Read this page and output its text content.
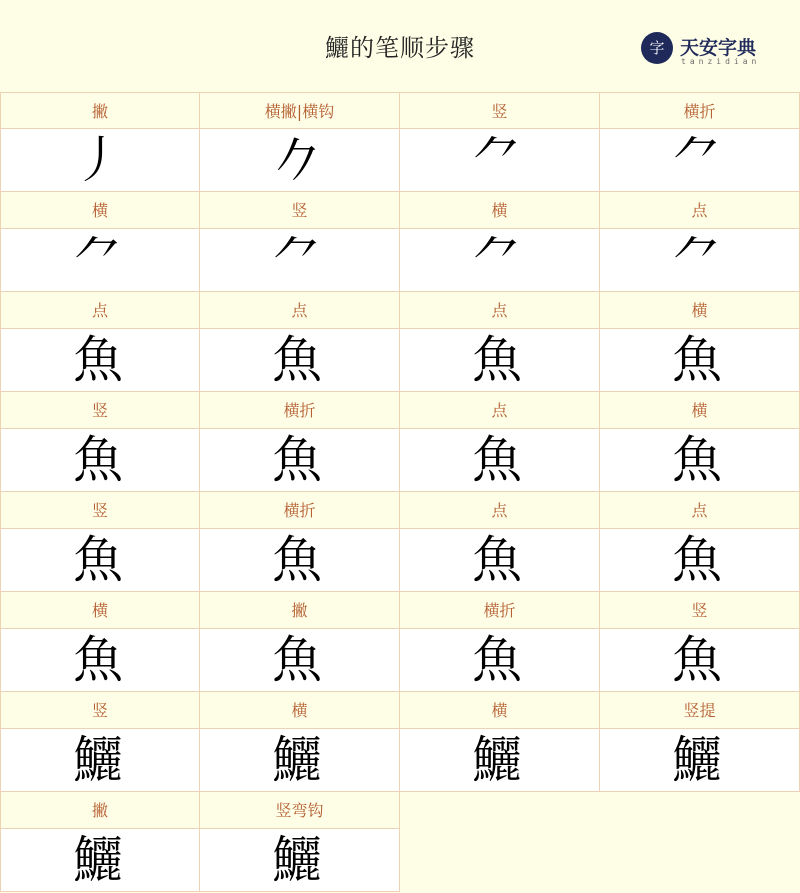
鱺的笔顺步骤	字 天安字典
tanzidian
撇
丿
横撇|横钩
𠂊
竖
⺈
横折
⺈
横
⺈
竖
⺈
横
⺈
点
⺈
点
魚
点
魚
点
魚
横
魚
竖
魚
横折
魚
点
魚
横
魚
竖
魚
横折
魚
点
魚
点
魚
横
魚
撇
魚
横折
魚
竖
魚
竖
鱺
横
鱺
横
鱺
竖提
鱺
撇
鱺
竖弯钩
鱺
